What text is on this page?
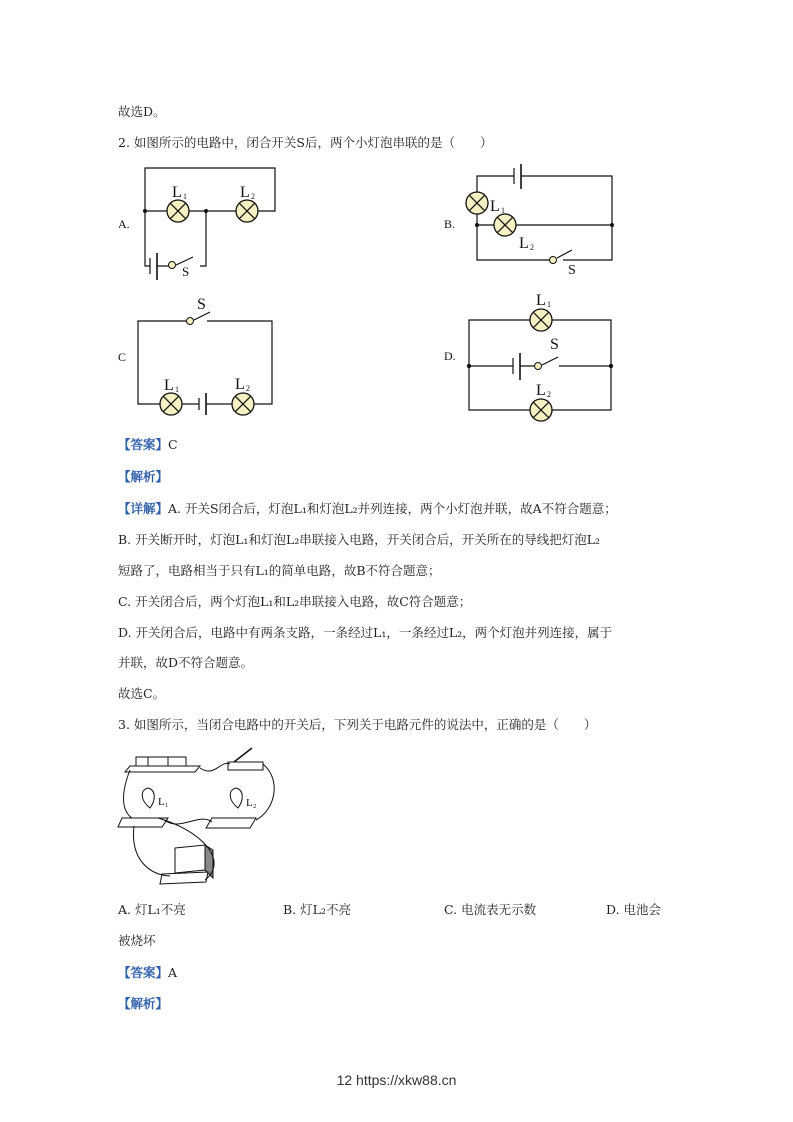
故选D。
2. 如图所示的电路中，闭合开关S后，两个小灯泡串联的是（　　）
A.
L 1	L 2
S
B.
L 1
L 2
S
C
S
L 1	L 2
D.
L 1
S
L 2
L₁	L₂
【答案】C
【解析】
【详解】A. 开关S闭合后，灯泡L₁和灯泡L₂并列连接，两个小灯泡并联，故A不符合题意；
B. 开关断开时，灯泡L₁和灯泡L₂串联接入电路，开关闭合后，开关所在的导线把灯泡L₂
短路了，电路相当于只有L₁的简单电路，故B不符合题意；
C. 开关闭合后，两个灯泡L₁和L₂串联接入电路，故C符合题意；
D. 开关闭合后，电路中有两条支路，一条经过L₁，一条经过L₂，两个灯泡并列连接，属于
并联，故D不符合题意。
故选C。
3. 如图所示，当闭合电路中的开关后，下列关于电路元件的说法中，正确的是（　　）
A. 灯L₁不亮	B. 灯L₂不亮	C. 电流表无示数	D. 电池会
被烧坏
【答案】A
【解析】
12 https://xkw88.cn
